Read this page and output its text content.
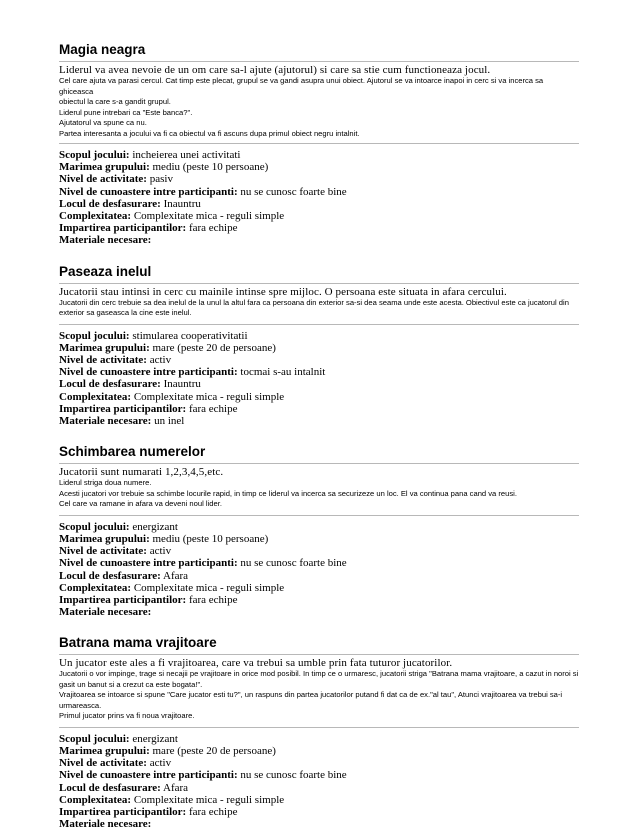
Magia neagra
Liderul va avea nevoie de un om care sa-l ajute (ajutorul) si care sa stie cum functioneaza jocul.
Cel care ajuta va parasi cercul. Cat timp este plecat, grupul se va gandi asupra unui obiect. Ajutorul se va intoarce inapoi in cerc si va incerca sa ghiceasca
obiectul la care s-a gandit grupul.
Liderul pune intrebari ca "Este banca?".
Ajutatorul va spune ca nu.
Partea interesanta a jocului va fi ca obiectul va fi ascuns dupa primul obiect negru intalnit.
Scopul jocului: incheierea unei activitati
Marimea grupului: mediu (peste 10 persoane)
Nivel de activitate: pasiv
Nivel de cunoastere intre participanti: nu se cunosc foarte bine
Locul de desfasurare: Inauntru
Complexitatea: Complexitate mica - reguli simple
Impartirea participantilor: fara echipe
Materiale necesare:
Paseaza inelul
Jucatorii stau intinsi in cerc cu mainile intinse spre mijloc. O persoana este situata in afara cercului.
Jucatorii din cerc trebuie sa dea inelul de la unul la altul fara ca persoana din exterior sa-si dea seama unde este acesta. Obiectivul este ca jucatorul din
exterior sa gaseasca la cine este inelul.
Scopul jocului: stimularea cooperativitatii
Marimea grupului: mare (peste 20 de persoane)
Nivel de activitate: activ
Nivel de cunoastere intre participanti: tocmai s-au intalnit
Locul de desfasurare: Inauntru
Complexitatea: Complexitate mica - reguli simple
Impartirea participantilor: fara echipe
Materiale necesare: un inel
Schimbarea numerelor
Jucatorii sunt numarati 1,2,3,4,5,etc.
Liderul striga doua numere.
Acesti jucatori vor trebuie sa schimbe locurile rapid, in timp ce liderul va incerca sa securizeze un loc. El va continua pana cand va reusi.
Cel care va ramane in afara va deveni noul lider.
Scopul jocului: energizant
Marimea grupului: mediu (peste 10 persoane)
Nivel de activitate: activ
Nivel de cunoastere intre participanti: nu se cunosc foarte bine
Locul de desfasurare: Afara
Complexitatea: Complexitate mica - reguli simple
Impartirea participantilor: fara echipe
Materiale necesare:
Batrana mama vrajitoare
Un jucator este ales a fi vrajitoarea, care va trebui sa umble prin fata tuturor jucatorilor.
Jucatorii o vor impinge, trage si necajii pe vrajitoare in orice mod posibil. In timp ce o urmaresc, jucatorii striga "Batrana mama vrajitoare, a cazut in noroi si
gasit un banut si a crezut ca este bogata!".
Vrajitoarea se intoarce si spune "Care jucator esti tu?", un raspuns din partea jucatorilor putand fi dat ca de ex."al tau", Atunci vrajitoarea va trebui sa-i
urmareasca.
Primul jucator prins va fi noua vrajitoare.
Scopul jocului: energizant
Marimea grupului: mare (peste 20 de persoane)
Nivel de activitate: activ
Nivel de cunoastere intre participanti: nu se cunosc foarte bine
Locul de desfasurare: Afara
Complexitatea: Complexitate mica - reguli simple
Impartirea participantilor: fara echipe
Materiale necesare:
